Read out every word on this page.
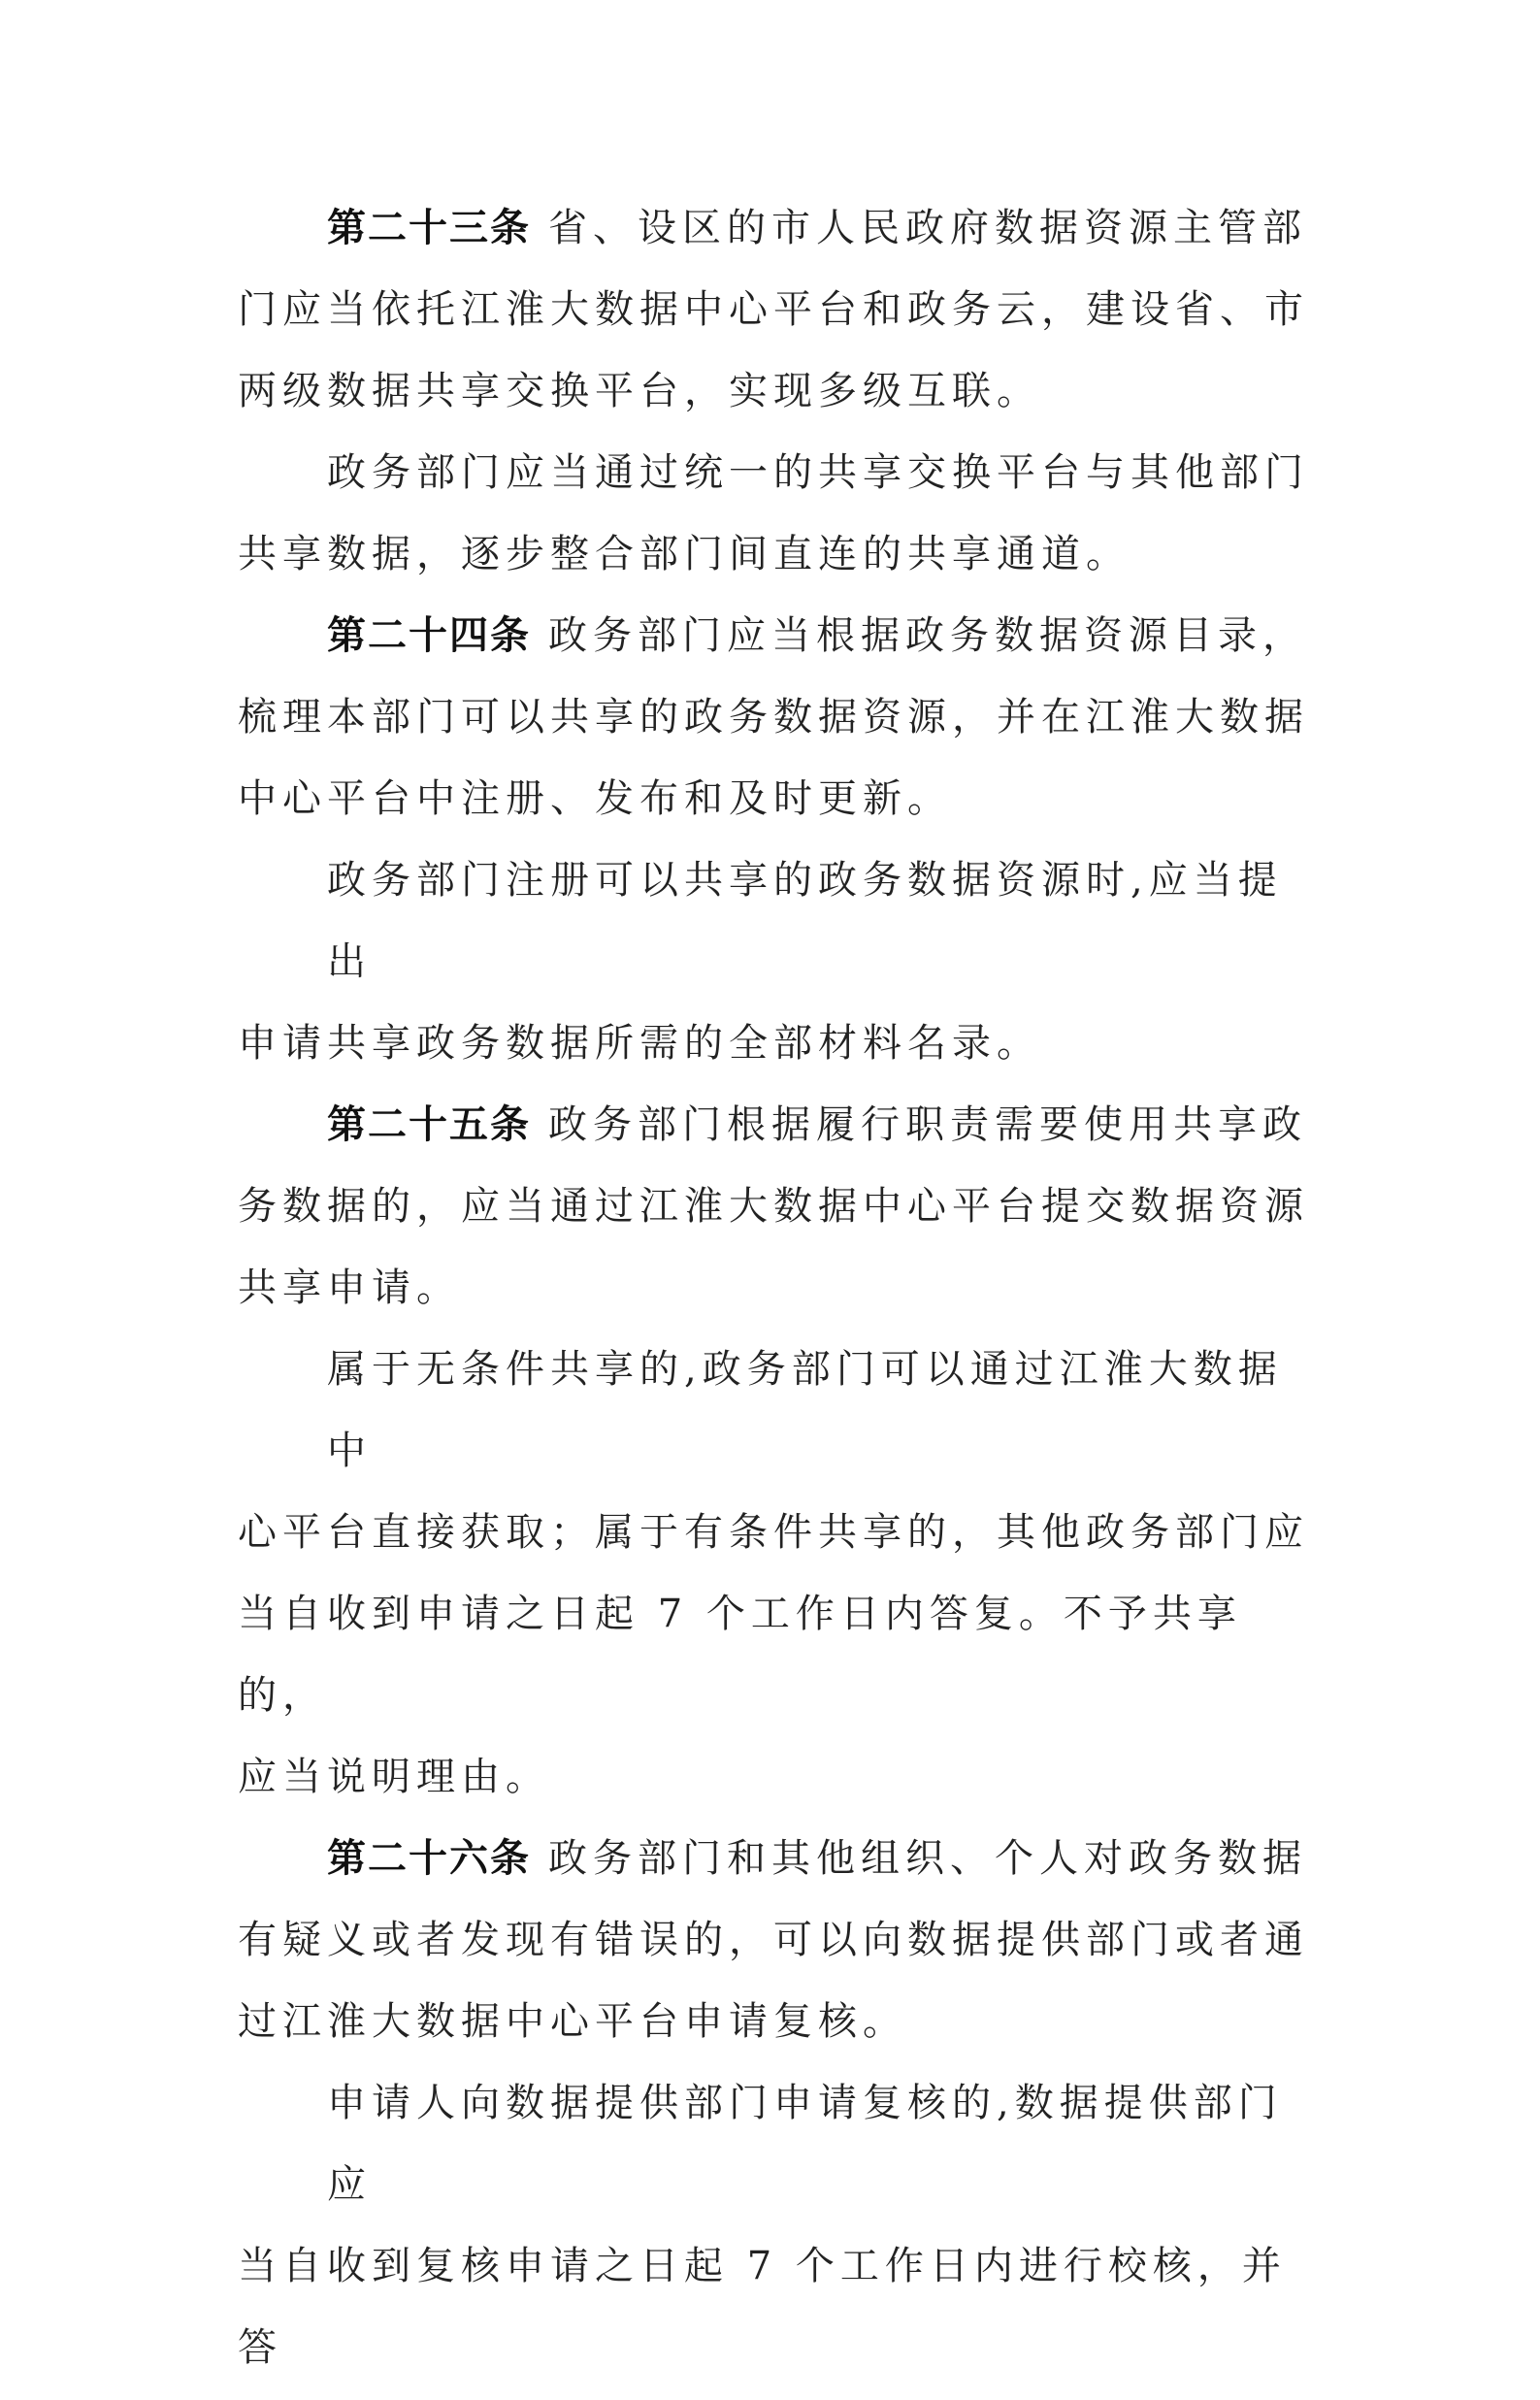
第二十三条 省、设区的市人民政府数据资源主管部
门应当依托江淮大数据中心平台和政务云，建设省、市
两级数据共享交换平台，实现多级互联。
政务部门应当通过统一的共享交换平台与其他部门
共享数据，逐步整合部门间直连的共享通道。
第二十四条 政务部门应当根据政务数据资源目录，
梳理本部门可以共享的政务数据资源，并在江淮大数据
中心平台中注册、发布和及时更新。
政务部门注册可以共享的政务数据资源时,应当提出
申请共享政务数据所需的全部材料名录。
第二十五条 政务部门根据履行职责需要使用共享政
务数据的，应当通过江淮大数据中心平台提交数据资源
共享申请。
属于无条件共享的,政务部门可以通过江淮大数据中
心平台直接获取；属于有条件共享的，其他政务部门应
当自收到申请之日起 7 个工作日内答复。不予共享的，
应当说明理由。
第二十六条 政务部门和其他组织、个人对政务数据
有疑义或者发现有错误的，可以向数据提供部门或者通
过江淮大数据中心平台申请复核。
申请人向数据提供部门申请复核的,数据提供部门应
当自收到复核申请之日起 7 个工作日内进行校核，并答
